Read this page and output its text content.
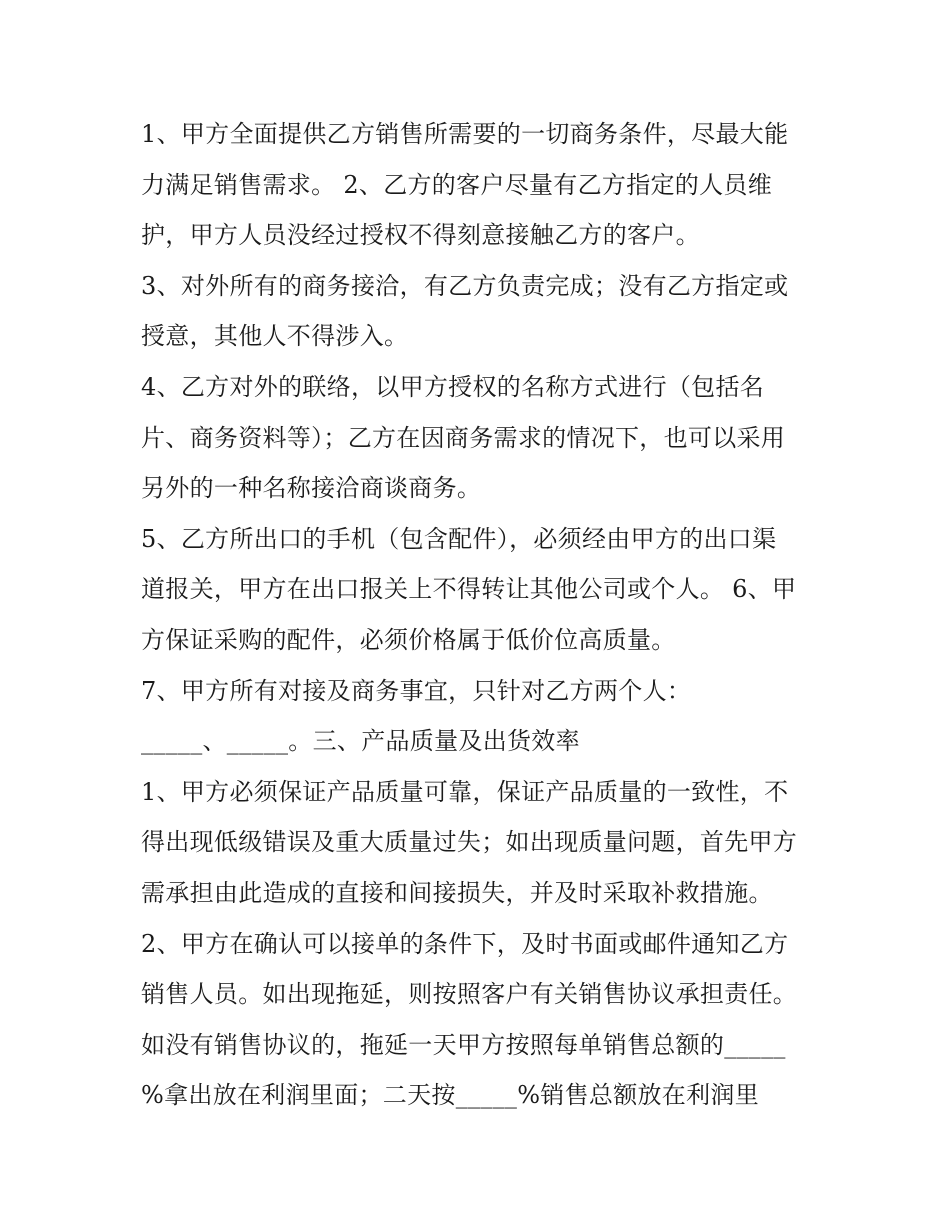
1、甲方全面提供乙方销售所需要的一切商务条件，尽最大能
力满足销售需求。 2、乙方的客户尽量有乙方指定的人员维
护，甲方人员没经过授权不得刻意接触乙方的客户。
3、对外所有的商务接洽，有乙方负责完成；没有乙方指定或
授意，其他人不得涉入。
4、乙方对外的联络，以甲方授权的名称方式进行（包括名
片、商务资料等）；乙方在因商务需求的情况下，也可以采用
另外的一种名称接洽商谈商务。
5、乙方所出口的手机（包含配件），必须经由甲方的出口渠
道报关，甲方在出口报关上不得转让其他公司或个人。 6、甲
方保证采购的配件，必须价格属于低价位高质量。
7、甲方所有对接及商务事宜，只针对乙方两个人：
_____、_____。三、产品质量及出货效率
1、甲方必须保证产品质量可靠，保证产品质量的一致性，不
得出现低级错误及重大质量过失；如出现质量问题，首先甲方
需承担由此造成的直接和间接损失，并及时采取补救措施。
2、甲方在确认可以接单的条件下，及时书面或邮件通知乙方
销售人员。如出现拖延，则按照客户有关销售协议承担责任。
如没有销售协议的，拖延一天甲方按照每单销售总额的_____
%拿出放在利润里面；二天按_____%销售总额放在利润里
